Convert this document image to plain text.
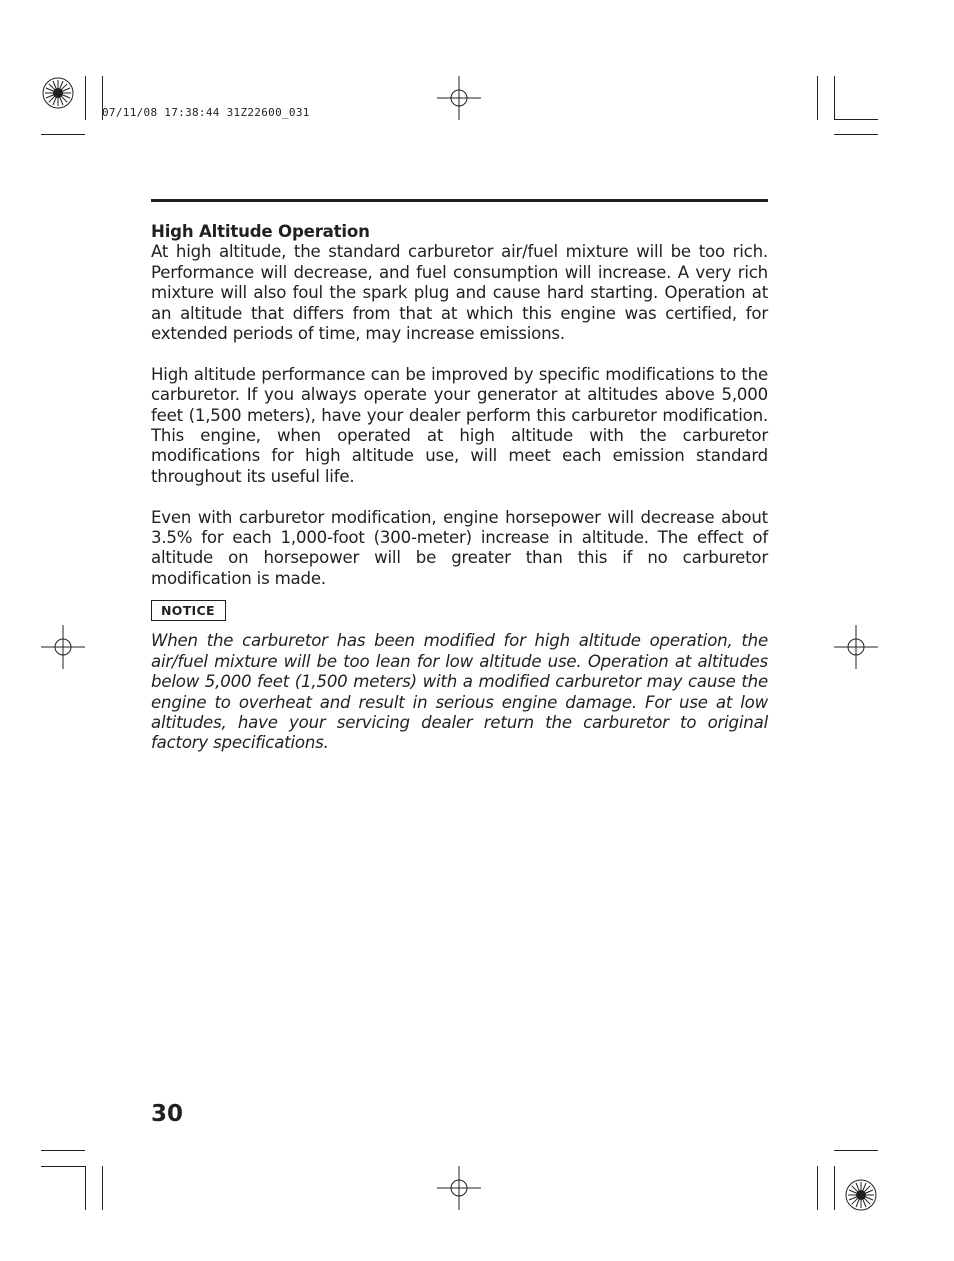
07/11/08 17:38:44 31Z22600_031

High Altitude Operation

At high altitude, the standard carburetor air/fuel mixture will be too rich. Performance will decrease, and fuel consumption will increase. A very rich mixture will also foul the spark plug and cause hard starting. Operation at an altitude that differs from that at which this engine was certified, for extended periods of time, may increase emissions.

High altitude performance can be improved by specific modifications to the carburetor. If you always operate your generator at altitudes above 5,000 feet (1,500 meters), have your dealer perform this carburetor modification. This engine, when operated at high altitude with the carburetor modifications for high altitude use, will meet each emission standard throughout its useful life.

Even with carburetor modification, engine horsepower will decrease about 3.5% for each 1,000-foot (300-meter) increase in altitude. The effect of altitude on horsepower will be greater than this if no carburetor modification is made.

NOTICE

When the carburetor has been modified for high altitude operation, the air/fuel mixture will be too lean for low altitude use. Operation at altitudes below 5,000 feet (1,500 meters) with a modified carburetor may cause the engine to overheat and result in serious engine damage. For use at low altitudes, have your servicing dealer return the carburetor to original factory specifications.

30
